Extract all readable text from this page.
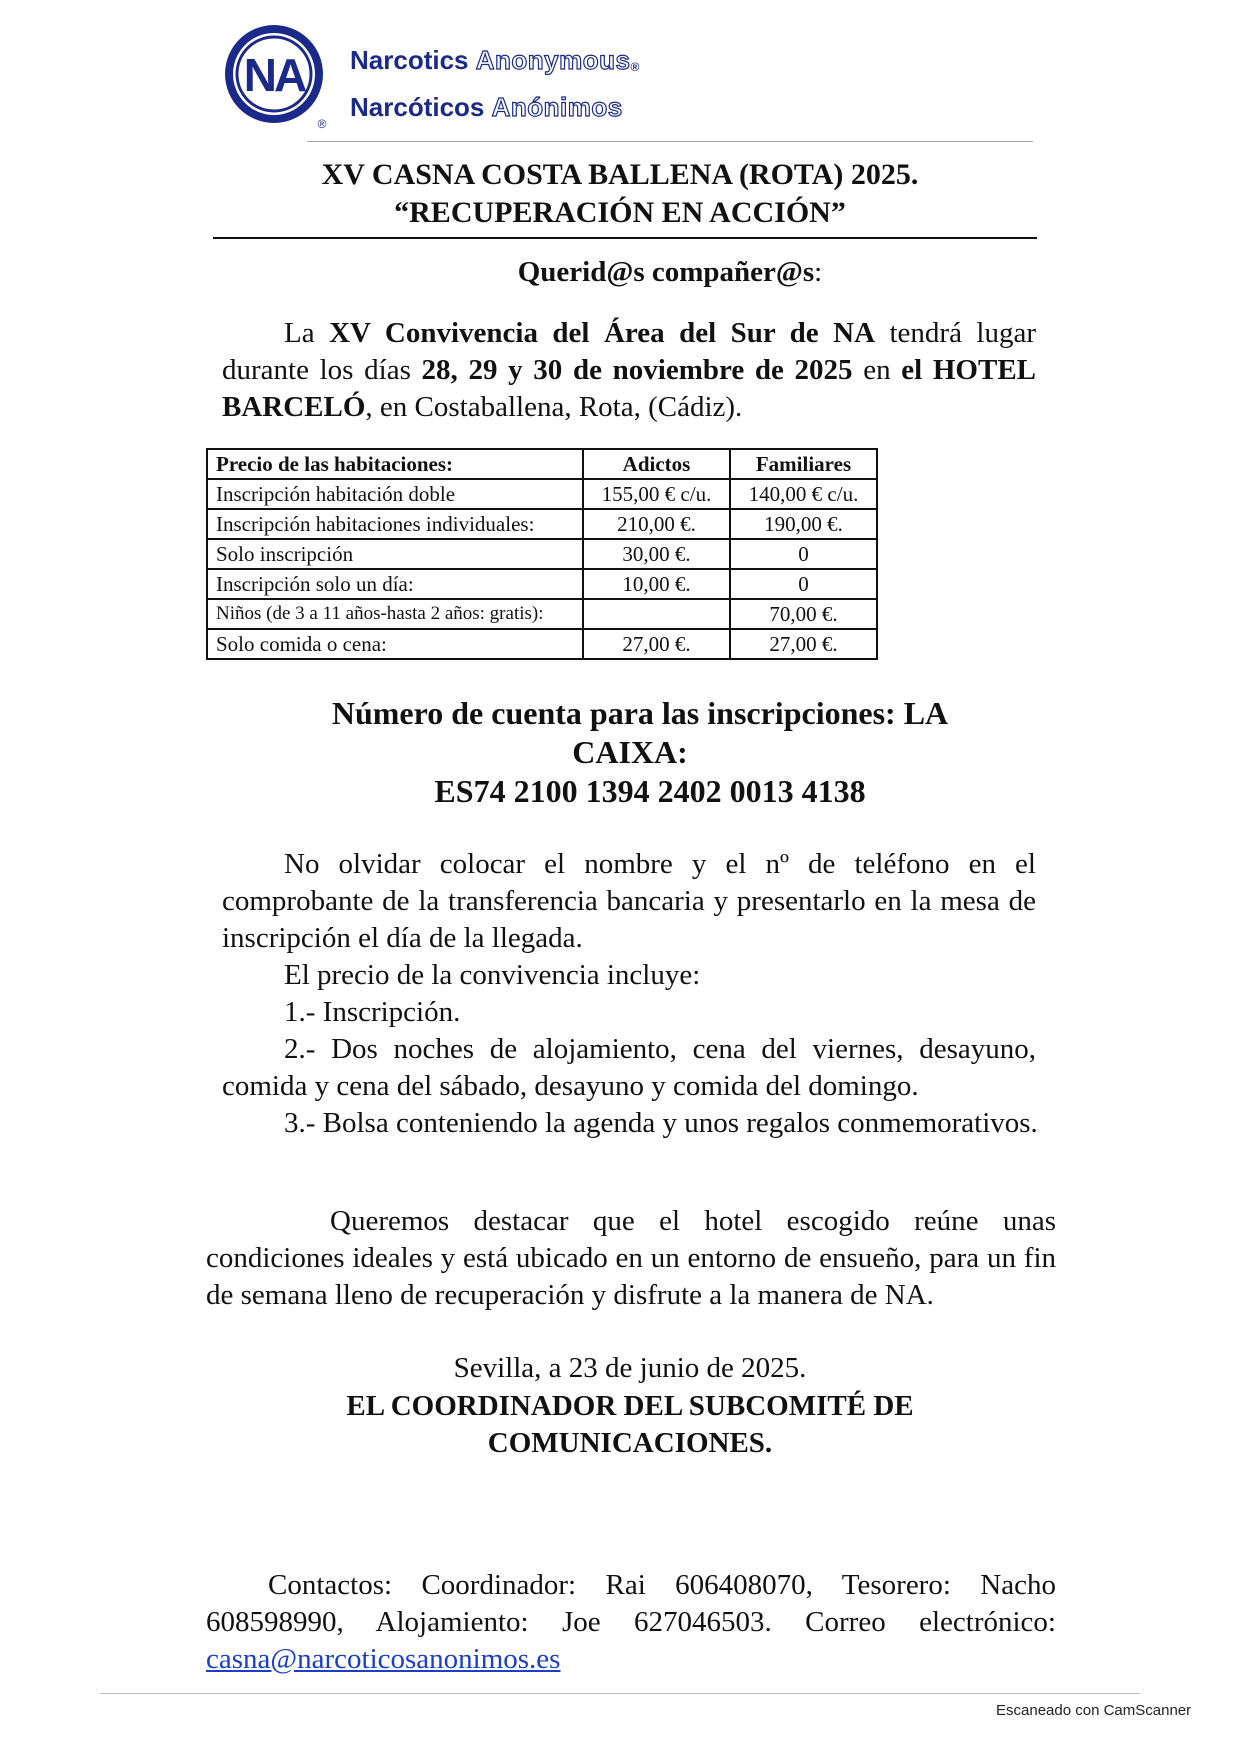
NA
®
Narcotics Anonymous®
Narcóticos Anónimos
XV CASNA COSTA BALLENA (ROTA) 2025.
“RECUPERACIÓN EN ACCIÓN”
Querid@s compañer@s:
La XV Convivencia del Área del Sur de NA tendrá lugar durante los días 28, 29 y 30 de noviembre de 2025 en el HOTEL BARCELÓ, en Costaballena, Rota, (Cádiz).
Precio de las habitaciones:	Adictos	Familiares
Inscripción habitación doble	155,00 € c/u.	140,00 € c/u.
Inscripción habitaciones individuales:	210,00 €.	190,00 €.
Solo inscripción	30,00 €.	0
Inscripción solo un día:	10,00 €.	0
Niños (de 3 a 11 años-hasta 2 años: gratis):		70,00 €.
Solo comida o cena:	27,00 €.	27,00 €.
Número de cuenta para las inscripciones: LA
CAIXA:
ES74 2100 1394 2402 0013 4138
No olvidar colocar el nombre y el nº de teléfono en el comprobante de la transferencia bancaria y presentarlo en la mesa de inscripción el día de la llegada.
El precio de la convivencia incluye:
1.- Inscripción.
2.- Dos noches de alojamiento, cena del viernes, desayuno, comida y cena del sábado, desayuno y comida del domingo.
3.- Bolsa conteniendo la agenda y unos regalos conmemorativos.
Queremos destacar que el hotel escogido reúne unas condiciones ideales y está ubicado en un entorno de ensueño, para un fin de semana lleno de recuperación y disfrute a la manera de NA.
Sevilla, a 23 de junio de 2025.
EL COORDINADOR DEL SUBCOMITÉ DE
COMUNICACIONES.
Contactos: Coordinador: Rai 606408070, Tesorero: Nacho 608598990, Alojamiento: Joe 627046503. Correo electrónico: casna@narcoticosanonimos.es
Escaneado con CamScanner
